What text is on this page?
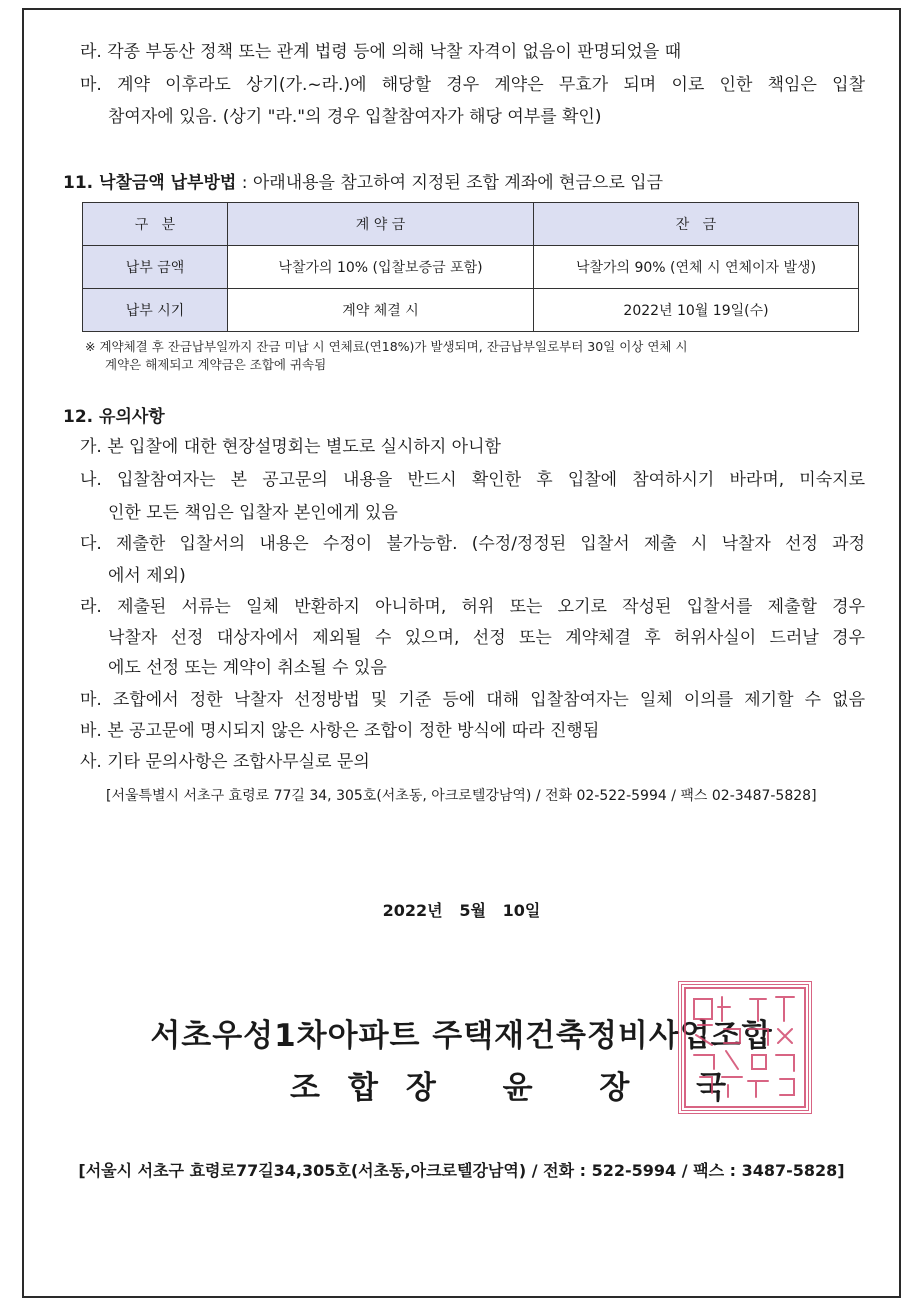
라. 각종 부동산 정책 또는 관계 법령 등에 의해 낙찰 자격이 없음이 판명되었을 때
마. 계약 이후라도 상기(가.~라.)에 해당할 경우 계약은 무효가 되며 이로 인한 책임은 입찰
참여자에 있음. (상기 "라."의 경우 입찰참여자가 해당 여부를 확인)
11. 낙찰금액 납부방법 : 아래내용을 참고하여 지정된 조합 계좌에 현금으로 입금
구   분	계 약 금	잔   금
납부 금액	낙찰가의 10% (입찰보증금 포함)	낙찰가의 90% (연체 시 연체이자 발생)
납부 시기	계약 체결 시	2022년 10월 19일(수)
※ 계약체결 후 잔금납부일까지 잔금 미납 시 연체료(연18%)가 발생되며, 잔금납부일로부터 30일 이상 연체 시
계약은 해제되고 계약금은 조합에 귀속됨
12. 유의사항
가. 본 입찰에 대한 현장설명회는 별도로 실시하지 아니함
나. 입찰참여자는 본 공고문의 내용을 반드시 확인한 후 입찰에 참여하시기 바라며, 미숙지로
인한 모든 책임은 입찰자 본인에게 있음
다. 제출한 입찰서의 내용은 수정이 불가능함. (수정/정정된 입찰서 제출 시 낙찰자 선정 과정
에서 제외)
라. 제출된 서류는 일체 반환하지 아니하며, 허위 또는 오기로 작성된 입찰서를 제출할 경우
낙찰자 선정 대상자에서 제외될 수 있으며, 선정 또는 계약체결 후 허위사실이 드러날 경우
에도 선정 또는 계약이 취소될 수 있음
마. 조합에서 정한 낙찰자 선정방법 및 기준 등에 대해 입찰참여자는 일체 이의를 제기할 수 없음
바. 본 공고문에 명시되지 않은 사항은 조합이 정한 방식에 따라 진행됨
사. 기타 문의사항은 조합사무실로 문의
[서울특별시 서초구 효령로 77길 34, 305호(서초동, 아크로텔강남역) / 전화 02-522-5994 / 팩스 02-3487-5828]
2022년   5월   10일
서초우성1차아파트 주택재건축정비사업조합
조합장 윤 장 국
[서울시 서초구 효령로77길34,305호(서초동,아크로텔강남역) / 전화 : 522-5994 / 팩스 : 3487-5828]
